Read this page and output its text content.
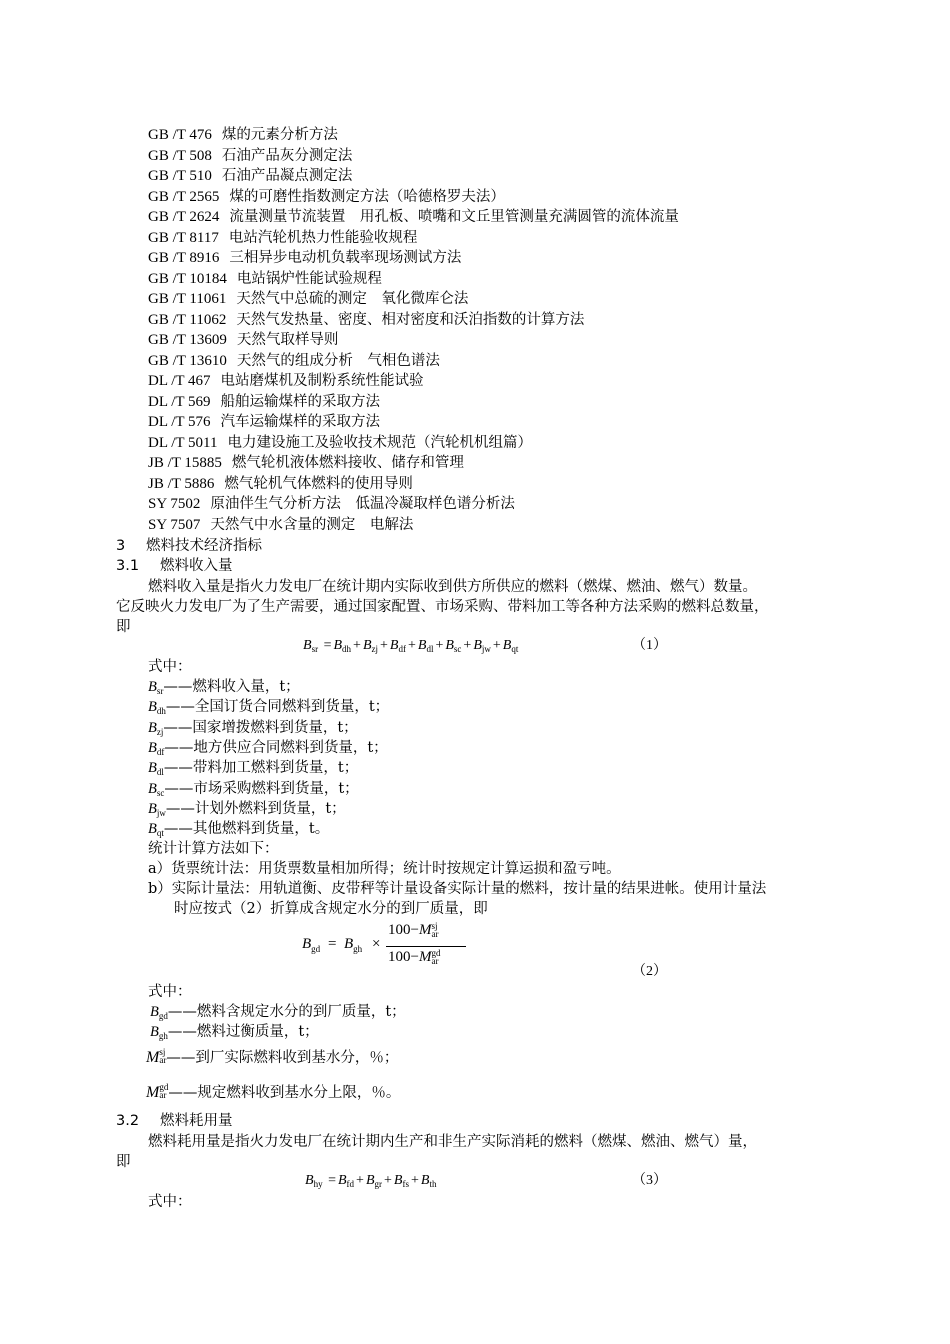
GB /T 476 煤的元素分析方法
GB /T 508 石油产品灰分测定法
GB /T 510 石油产品凝点测定法
GB /T 2565 煤的可磨性指数测定方法（哈德格罗夫法）
GB /T 2624 流量测量节流装置　用孔板、喷嘴和文丘里管测量充满圆管的流体流量
GB /T 8117 电站汽轮机热力性能验收规程
GB /T 8916 三相异步电动机负载率现场测试方法
GB /T 10184 电站锅炉性能试验规程
GB /T 11061 天然气中总硫的测定　氧化微库仑法
GB /T 11062 天然气发热量、密度、相对密度和沃泊指数的计算方法
GB /T 13609 天然气取样导则
GB /T 13610 天然气的组成分析　气相色谱法
DL /T 467 电站磨煤机及制粉系统性能试验
DL /T 569 船舶运输煤样的采取方法
DL /T 576 汽车运输煤样的采取方法
DL /T 5011 电力建设施工及验收技术规范（汽轮机机组篇）
JB /T 15885 燃气轮机液体燃料接收、储存和管理
JB /T 5886 燃气轮机气体燃料的使用导则
SY 7502 原油伴生气分析方法　低温冷凝取样色谱分析法
SY 7507 天然气中水含量的测定　电解法
3 燃料技术经济指标
3.1 燃料收入量
燃料收入量是指火力发电厂在统计期内实际收到供方所供应的燃料（燃煤、燃油、燃气）数量。
它反映火力发电厂为了生产需要，通过国家配置、市场采购、带料加工等各种方法采购的燃料总数量，
即
$B_{sr} = B_{dh} + B_{zj} + B_{df} + B_{dl} + B_{sc} + B_{jw} + B_{qt}$	（1）
式中：
$B_{sr}——$燃料收入量，t；
$B_{dh}——$全国订货合同燃料到货量，t；
$B_{zj}——$国家增拨燃料到货量，t；
$B_{df}——$地方供应合同燃料到货量，t；
$B_{dl}——$带料加工燃料到货量，t；
$B_{sc}——$市场采购燃料到货量，t；
$B_{jw}——$计划外燃料到货量，t；
$B_{qt}——$其他燃料到货量，t。
统计计算方法如下：
a）货票统计法：用货票数量相加所得；统计时按规定计算运损和盈亏吨。
b）实际计量法：用轨道衡、皮带秤等计量设备实际计量的燃料，按计量的结果进帐。使用计量法
时应按式（2）折算成含规定水分的到厂质量，即
$B_{gd} = B_{gh}$ ×
100−M sj
ar
100−M gd
ar
（2）
式中：
$B_{gd}——$燃料含规定水分的到厂质量，t；
$B_{gh}——$燃料过衡质量，t；
M sj
ar ——到厂实际燃料收到基水分，％；
M gd
ar ——规定燃料收到基水分上限，％。
3.2 燃料耗用量
燃料耗用量是指火力发电厂在统计期内生产和非生产实际消耗的燃料（燃煤、燃油、燃气）量，
即
$B_{hy} = B_{fd} + B_{gr} + B_{fs} + B_{th}$	（3）
式中：
